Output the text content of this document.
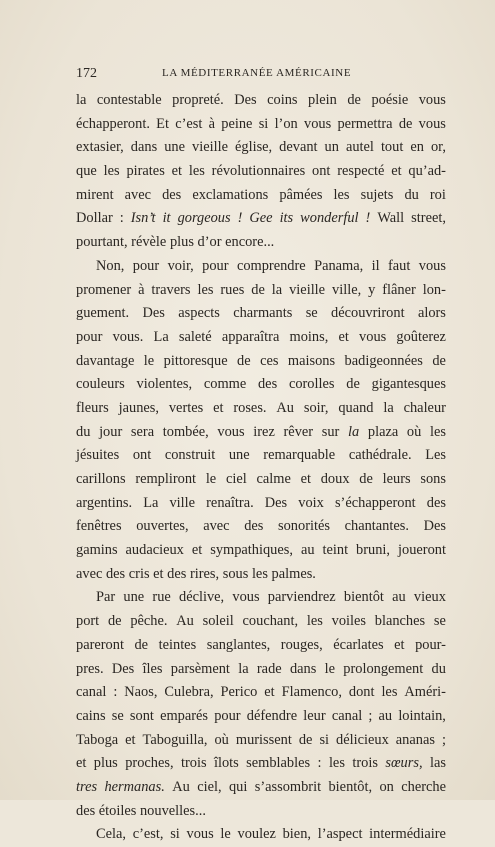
172	LA MÉDITERRANÉE AMÉRICAINE
la contestable propreté. Des coins plein de poésie vous
échapperont. Et c’est à peine si l’on vous permettra de vous
extasier, dans une vieille église, devant un autel tout en or,
que les pirates et les révolutionnaires ont respecté et qu’ad-
mirent avec des exclamations pâmées les sujets du roi
Dollar : Isn’t it gorgeous ! Gee its wonderful ! Wall street,
pourtant,
révèle
plus
d’or
encore...
Non, pour voir, pour comprendre Panama, il faut vous
promener à travers les rues de la vieille ville, y flâner lon-
guement. Des aspects charmants se découvriront alors
pour vous. La saleté apparaîtra moins, et vous goûterez
davantage le pittoresque de ces maisons badigeonnées de
couleurs violentes, comme des corolles de gigantesques
fleurs jaunes, vertes et roses. Au soir, quand la chaleur
du jour sera tombée, vous irez rêver sur la plaza où les
jésuites ont construit une remarquable cathédrale. Les
carillons rempliront le ciel calme et doux de leurs sons
argentins. La ville renaîtra. Des voix s’échapperont des
fenêtres ouvertes, avec des sonorités chantantes. Des
gamins audacieux et sympathiques, au teint bruni, joueront
avec
des
cris
et
des
rires,
sous
les
palmes.
Par une rue déclive, vous parviendrez bientôt au vieux
port de pêche. Au soleil couchant, les voiles blanches se
pareront de teintes sanglantes, rouges, écarlates et pour-
pres. Des îles parsèment la rade dans le prolongement du
canal : Naos, Culebra, Perico et Flamenco, dont les Améri-
cains se sont emparés pour défendre leur canal ; au lointain,
Taboga et Taboguilla, où murissent de si délicieux ananas ;
et plus proches, trois îlots semblables : les trois sœurs, las
tres hermanas. Au ciel, qui s’assombrit bientôt, on cherche
des
étoiles
nouvelles...
Cela, c’est, si vous le voulez bien, l’aspect intermédiaire
